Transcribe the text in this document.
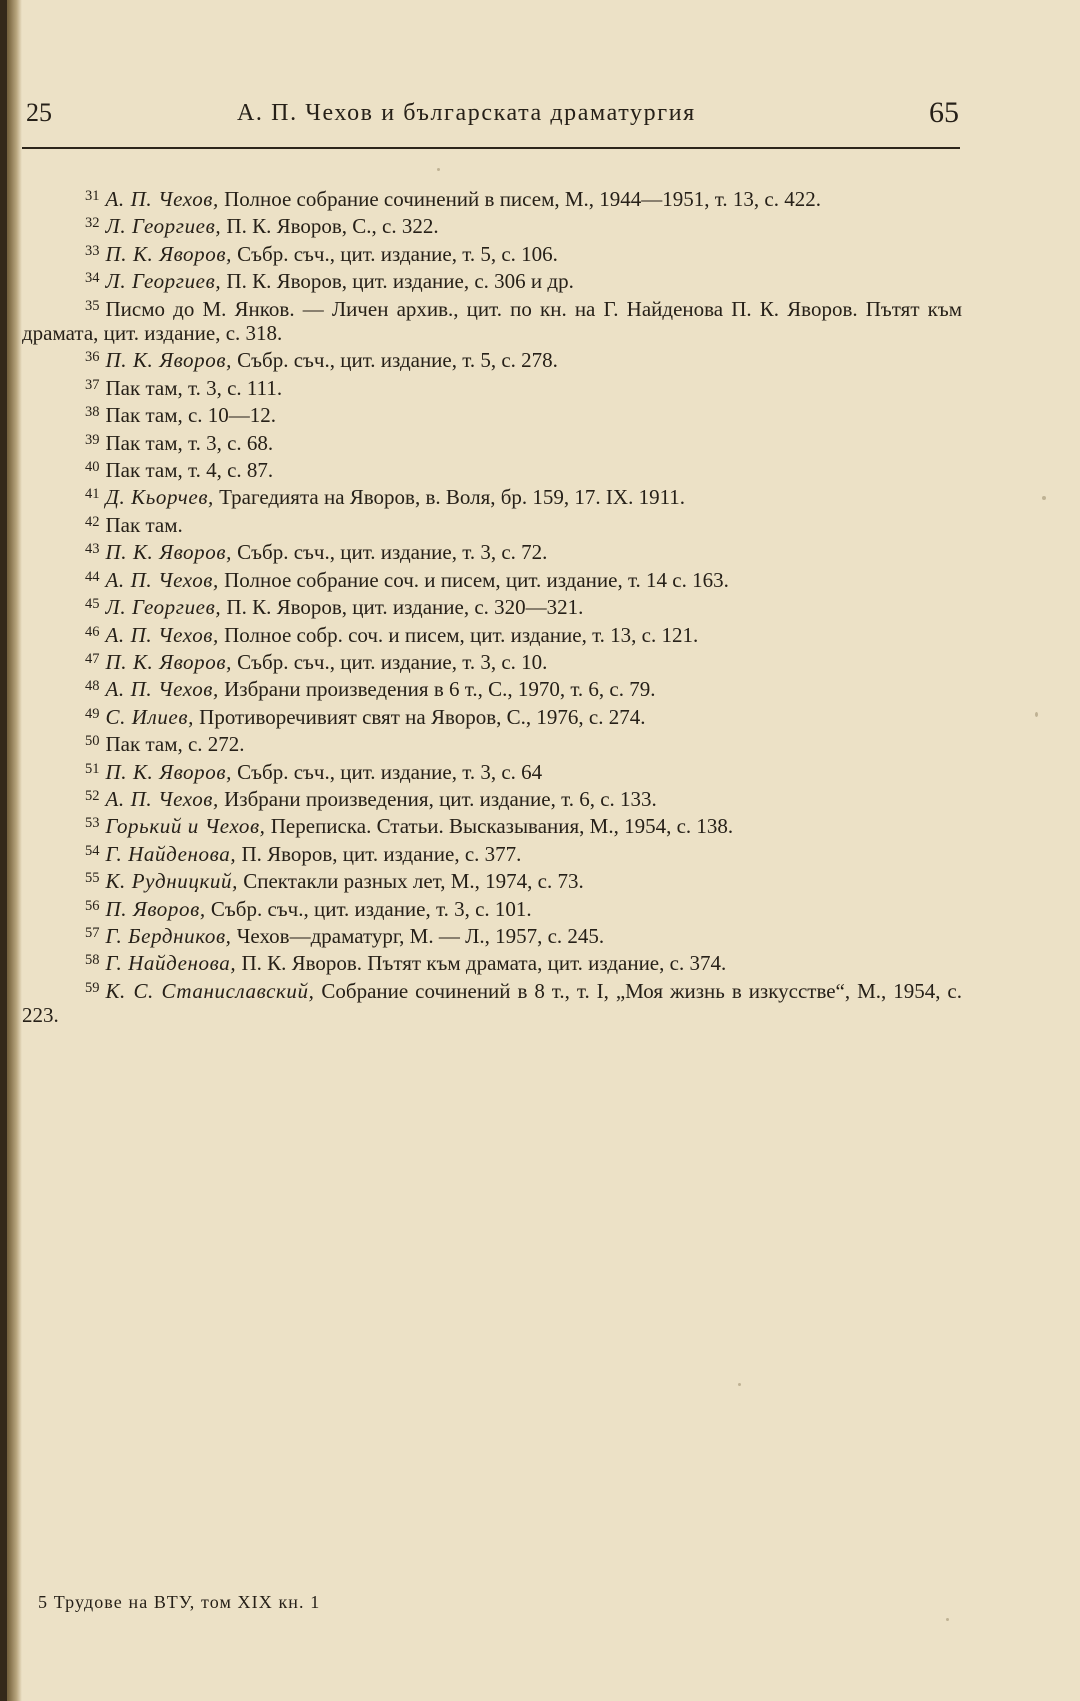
25	А. П. Чехов и българската драматургия	65

$^{31}$ А. П. Чехов, Полное собрание сочинений в писем, М., 1944—1951, т. 13, с. 422.

$^{32}$ Л. Георгиев, П. К. Яворов, С., с. 322.

$^{33}$ П. К. Яворов, Събр. съч., цит. издание, т. 5, с. 106.

$^{34}$ Л. Георгиев, П. К. Яворов, цит. издание, с. 306 и др.

$^{35}$ Писмо до М. Янков. — Личен архив., цит. по кн. на Г. Найденова П. К. Яворов. Пътят към драмата, цит. издание, с. 318.

$^{36}$ П. К. Яворов, Събр. съч., цит. издание, т. 5, с. 278.

$^{37}$ Пак там, т. 3, с. 111.

$^{38}$ Пак там, с. 10—12.

$^{39}$ Пак там, т. 3, с. 68.

$^{40}$ Пак там, т. 4, с. 87.

$^{41}$ Д. Кьорчев, Трагедията на Яворов, в. Воля, бр. 159, 17. IX. 1911.

$^{42}$ Пак там.

$^{43}$ П. К. Яворов, Събр. съч., цит. издание, т. 3, с. 72.

$^{44}$ А. П. Чехов, Полное собрание соч. и писем, цит. издание, т. 14 с. 163.

$^{45}$ Л. Георгиев, П. К. Яворов, цит. издание, с. 320—321.

$^{46}$ А. П. Чехов, Полное собр. соч. и писем, цит. издание, т. 13, с. 121.

$^{47}$ П. К. Яворов, Събр. съч., цит. издание, т. 3, с. 10.

$^{48}$ А. П. Чехов, Избрани произведения в 6 т., С., 1970, т. 6, с. 79.

$^{49}$ С. Илиев, Противоречивият свят на Яворов, С., 1976, с. 274.

$^{50}$ Пак там, с. 272.

$^{51}$ П. К. Яворов, Събр. съч., цит. издание, т. 3, с. 64

$^{52}$ А. П. Чехов, Избрани произведения, цит. издание, т. 6, с. 133.

$^{53}$ Горький и Чехов, Переписка. Статьи. Высказывания, М., 1954, с. 138.

$^{54}$ Г. Найденова, П. Яворов, цит. издание, с. 377.

$^{55}$ К. Рудницкий, Спектакли разных лет, М., 1974, с. 73.

$^{56}$ П. Яворов, Събр. съч., цит. издание, т. 3, с. 101.

$^{57}$ Г. Бердников, Чехов—драматург, М. — Л., 1957, с. 245.

$^{58}$ Г. Найденова, П. К. Яворов. Пътят към драмата, цит. издание, с. 374.

$^{59}$ К. С. Станиславский, Собрание сочинений в 8 т., т. I, „Моя жизнь в изкусстве“, М., 1954, с. 223.

5 Трудове на ВТУ, том XIX кн. 1
